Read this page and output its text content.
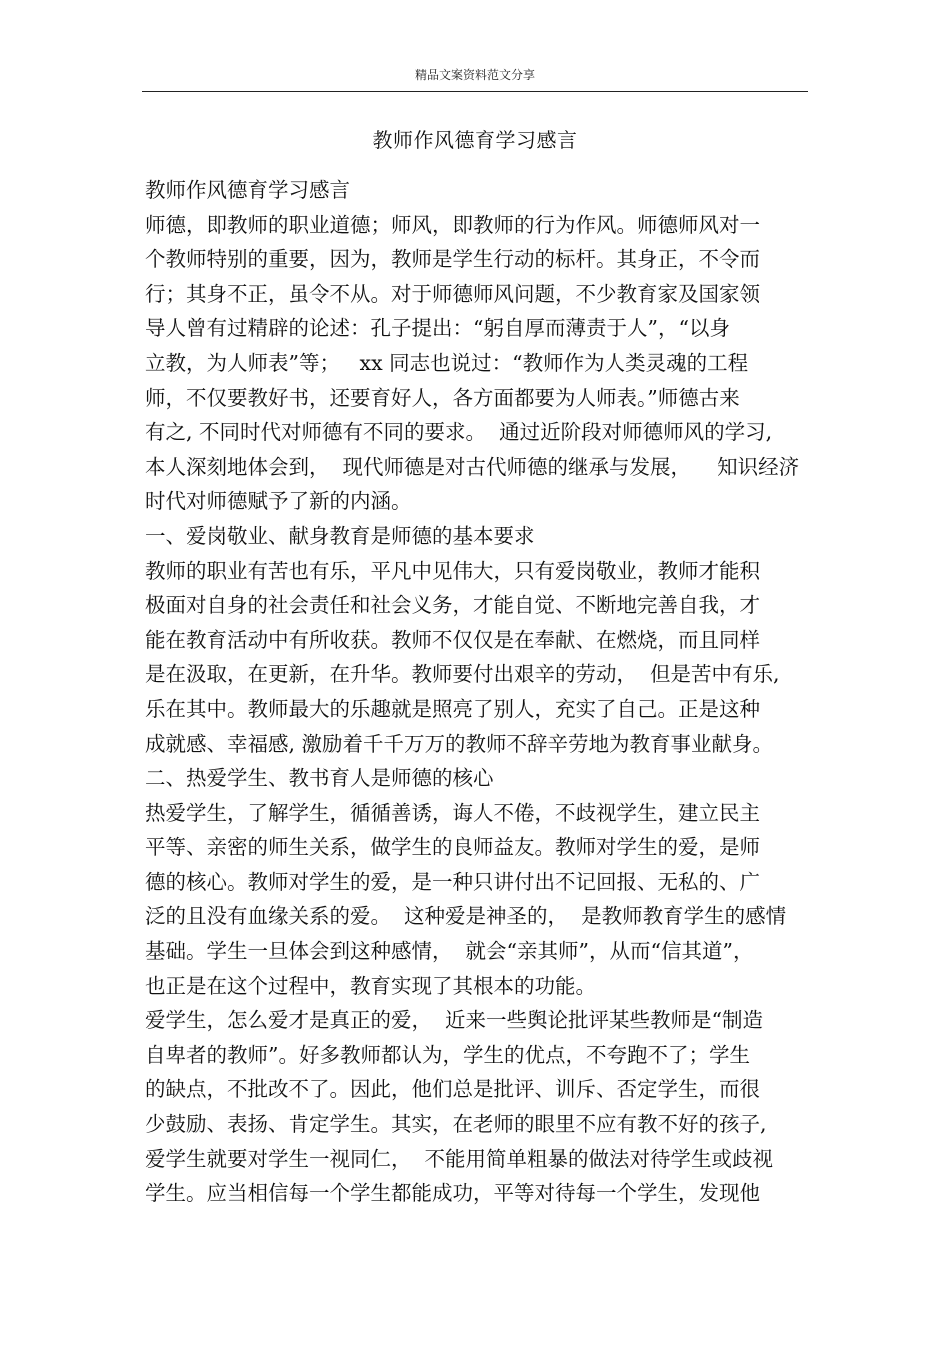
精品文案资料范文分享
教师作风德育学习感言
教师作风德育学习感言
师德，即教师的职业道德；师风，即教师的行为作风。师德师风对一
个教师特别的重要，因为，教师是学生行动的标杆。其身正，不令而
行；其身不正，虽令不从。对于师德师风问题，不少教育家及国家领
导人曾有过精辟的论述：孔子提出：“躬自厚而薄责于人”，“以身
立教，为人师表”等；   xx 同志也说过：“教师作为人类灵魂的工程
师，不仅要教好书，还要育好人，各方面都要为人师表。”师德古来
有之, 不同时代对师德有不同的要求。  通过近阶段对师德师风的学习,
本人深刻地体会到，  现代师德是对古代师德的继承与发展，    知识经济
时代对师德赋予了新的内涵。
一、爱岗敬业、献身教育是师德的基本要求
教师的职业有苦也有乐，平凡中见伟大，只有爱岗敬业，教师才能积
极面对自身的社会责任和社会义务，才能自觉、不断地完善自我，才
能在教育活动中有所收获。教师不仅仅是在奉献、在燃烧，而且同样
是在汲取，在更新，在升华。教师要付出艰辛的劳动，  但是苦中有乐,
乐在其中。教师最大的乐趣就是照亮了别人，充实了自己。正是这种
成就感、幸福感, 激励着千千万万的教师不辞辛劳地为教育事业献身。
二、热爱学生、教书育人是师德的核心
热爱学生，了解学生，循循善诱，诲人不倦，不歧视学生，建立民主
平等、亲密的师生关系，做学生的良师益友。教师对学生的爱，是师
德的核心。教师对学生的爱，是一种只讲付出不记回报、无私的、广
泛的且没有血缘关系的爱。  这种爱是神圣的，  是教师教育学生的感情
基础。学生一旦体会到这种感情，  就会“亲其师”，从而“信其道”，
也正是在这个过程中，教育实现了其根本的功能。
爱学生，怎么爱才是真正的爱，  近来一些舆论批评某些教师是“制造
自卑者的教师”。好多教师都认为，学生的优点，不夸跑不了；学生
的缺点，不批改不了。因此，他们总是批评、训斥、否定学生，而很
少鼓励、表扬、肯定学生。其实，在老师的眼里不应有教不好的孩子,
爱学生就要对学生一视同仁，  不能用简单粗暴的做法对待学生或歧视
学生。应当相信每一个学生都能成功，平等对待每一个学生，发现他
